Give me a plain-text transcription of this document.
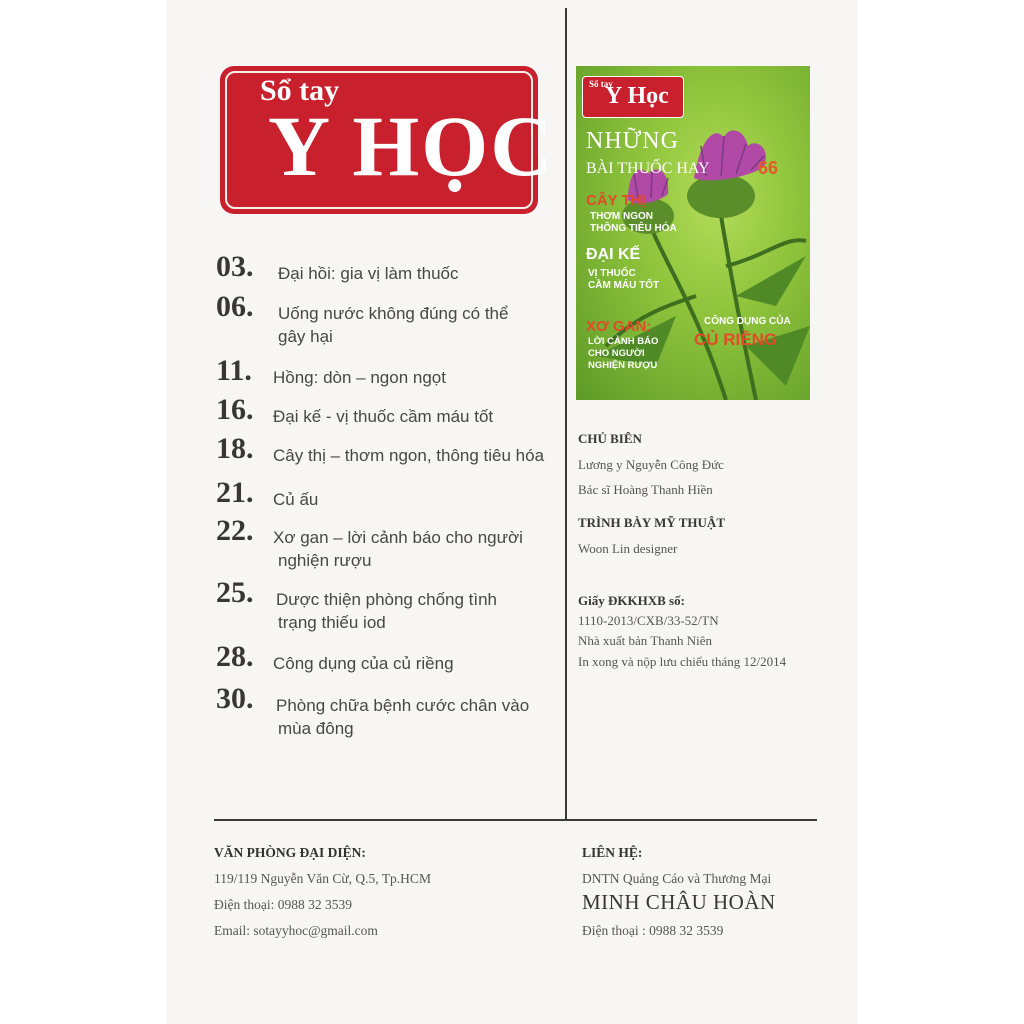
Sổ tay
Y HỌC
03. Đại hồi: gia vị làm thuốc
06. Uống nước không đúng có thể
gây hại
11. Hồng: dòn – ngon ngọt
16. Đại kế - vị thuốc cầm máu tốt
18. Cây thị – thơm ngon, thông tiêu hóa
21. Củ ấu
22. Xơ gan – lời cảnh báo cho người
nghiện rượu
25. Dược thiện phòng chống tình
trạng thiếu iod
28. Công dụng của củ riềng
30. Phòng chữa bệnh cước chân vào
mùa đông
Sổ tay
Y Học
NHỮNG
BÀI THUỐC HAY	66
CÂY THỊ
THƠM NGON
THÔNG TIÊU HÓA
ĐẠI KẾ
VỊ THUỐC
CẦM MÁU TỐT
XƠ GAN:
LỜI CẢNH BÁO
CHO NGƯỜI
NGHIỆN RƯỢU
CÔNG DỤNG CỦA
CỦ RIỀNG
CHỦ BIÊN
Lương y Nguyễn Công Đức
Bác sĩ Hoàng Thanh Hiền
TRÌNH BÀY MỸ THUẬT
Woon Lin designer
Giấy ĐKKHXB số:
1110-2013/CXB/33-52/TN
Nhà xuất bản Thanh Niên
In xong và nộp lưu chiểu tháng 12/2014
VĂN PHÒNG ĐẠI DIỆN:
119/119 Nguyễn Văn Cừ, Q.5, Tp.HCM
Điện thoại: 0988 32 3539
Email: sotayyhoc@gmail.com
LIÊN HỆ:
DNTN Quảng Cáo và Thương Mại
MINH CHÂU HOÀN
Điện thoại : 0988 32 3539
